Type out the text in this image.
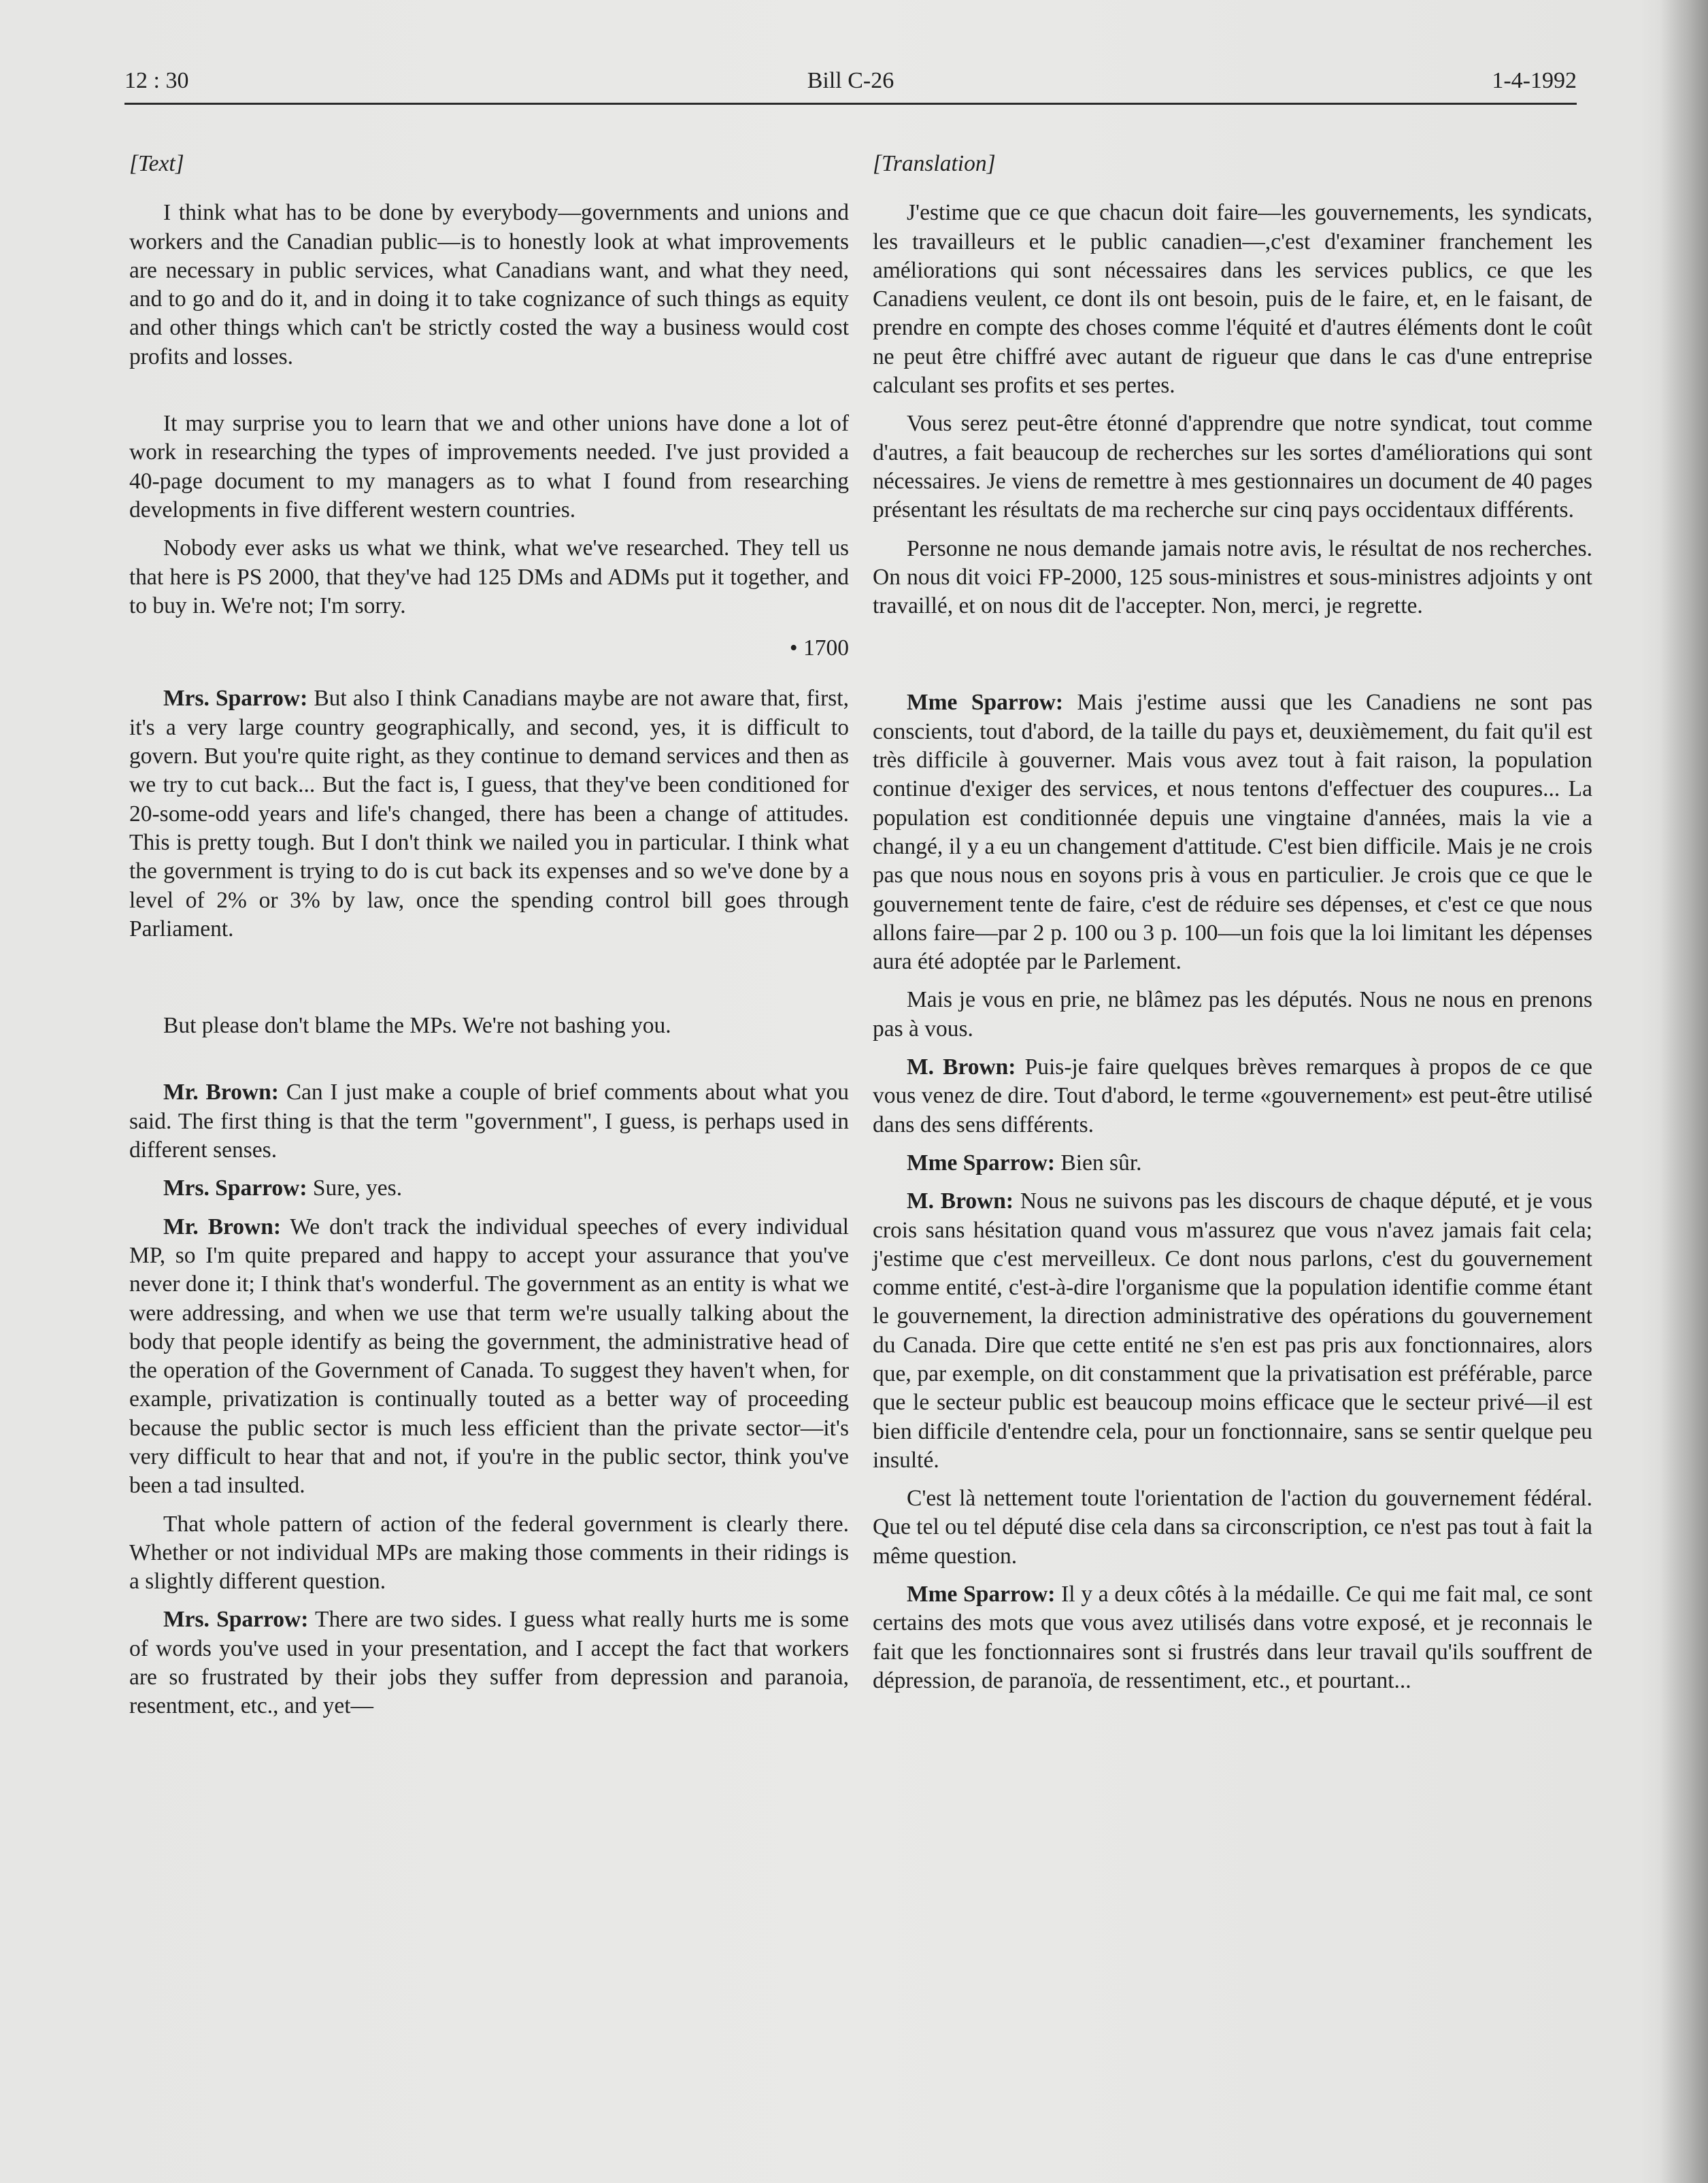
12 : 30	Bill C-26	1-4-1992

[Text]

I think what has to be done by everybody—governments and unions and workers and the Canadian public—is to honestly look at what improvements are necessary in public services, what Canadians want, and what they need, and to go and do it, and in doing it to take cognizance of such things as equity and other things which can't be strictly costed the way a business would cost profits and losses.

It may surprise you to learn that we and other unions have done a lot of work in researching the types of improvements needed. I've just provided a 40-page document to my managers as to what I found from researching developments in five different western countries.

Nobody ever asks us what we think, what we've researched. They tell us that here is PS 2000, that they've had 125 DMs and ADMs put it together, and to buy in. We're not; I'm sorry.

• 1700

Mrs. Sparrow: But also I think Canadians maybe are not aware that, first, it's a very large country geographically, and second, yes, it is difficult to govern. But you're quite right, as they continue to demand services and then as we try to cut back... But the fact is, I guess, that they've been conditioned for 20-some-odd years and life's changed, there has been a change of attitudes. This is pretty tough. But I don't think we nailed you in particular. I think what the government is trying to do is cut back its expenses and so we've done by a level of 2% or 3% by law, once the spending control bill goes through Parliament.

But please don't blame the MPs. We're not bashing you.

Mr. Brown: Can I just make a couple of brief comments about what you said. The first thing is that the term "government", I guess, is perhaps used in different senses.

Mrs. Sparrow: Sure, yes.

Mr. Brown: We don't track the individual speeches of every individual MP, so I'm quite prepared and happy to accept your assurance that you've never done it; I think that's wonderful. The government as an entity is what we were addressing, and when we use that term we're usually talking about the body that people identify as being the government, the administrative head of the operation of the Government of Canada. To suggest they haven't when, for example, privatization is continually touted as a better way of proceeding because the public sector is much less efficient than the private sector—it's very difficult to hear that and not, if you're in the public sector, think you've been a tad insulted.

That whole pattern of action of the federal government is clearly there. Whether or not individual MPs are making those comments in their ridings is a slightly different question.

Mrs. Sparrow: There are two sides. I guess what really hurts me is some of words you've used in your presentation, and I accept the fact that workers are so frustrated by their jobs they suffer from depression and paranoia, resentment, etc., and yet—

[Translation]

J'estime que ce que chacun doit faire—les gouvernements, les syndicats, les travailleurs et le public canadien—,c'est d'examiner franchement les améliorations qui sont nécessaires dans les services publics, ce que les Canadiens veulent, ce dont ils ont besoin, puis de le faire, et, en le faisant, de prendre en compte des choses comme l'équité et d'autres éléments dont le coût ne peut être chiffré avec autant de rigueur que dans le cas d'une entreprise calculant ses profits et ses pertes.

Vous serez peut-être étonné d'apprendre que notre syndicat, tout comme d'autres, a fait beaucoup de recherches sur les sortes d'améliorations qui sont nécessaires. Je viens de remettre à mes gestionnaires un document de 40 pages présentant les résultats de ma recherche sur cinq pays occidentaux différents.

Personne ne nous demande jamais notre avis, le résultat de nos recherches. On nous dit voici FP-2000, 125 sous-ministres et sous-ministres adjoints y ont travaillé, et on nous dit de l'accepter. Non, merci, je regrette.

Mme Sparrow: Mais j'estime aussi que les Canadiens ne sont pas conscients, tout d'abord, de la taille du pays et, deuxièmement, du fait qu'il est très difficile à gouverner. Mais vous avez tout à fait raison, la population continue d'exiger des services, et nous tentons d'effectuer des coupures... La population est conditionnée depuis une vingtaine d'années, mais la vie a changé, il y a eu un changement d'attitude. C'est bien difficile. Mais je ne crois pas que nous nous en soyons pris à vous en particulier. Je crois que ce que le gouvernement tente de faire, c'est de réduire ses dépenses, et c'est ce que nous allons faire—par 2 p. 100 ou 3 p. 100—un fois que la loi limitant les dépenses aura été adoptée par le Parlement.

Mais je vous en prie, ne blâmez pas les députés. Nous ne nous en prenons pas à vous.

M. Brown: Puis-je faire quelques brèves remarques à propos de ce que vous venez de dire. Tout d'abord, le terme «gouvernement» est peut-être utilisé dans des sens différents.

Mme Sparrow: Bien sûr.

M. Brown: Nous ne suivons pas les discours de chaque député, et je vous crois sans hésitation quand vous m'assurez que vous n'avez jamais fait cela; j'estime que c'est merveilleux. Ce dont nous parlons, c'est du gouvernement comme entité, c'est-à-dire l'organisme que la population identifie comme étant le gouvernement, la direction administrative des opérations du gouvernement du Canada. Dire que cette entité ne s'en est pas pris aux fonctionnaires, alors que, par exemple, on dit constamment que la privatisation est préférable, parce que le secteur public est beaucoup moins efficace que le secteur privé—il est bien difficile d'entendre cela, pour un fonctionnaire, sans se sentir quelque peu insulté.

C'est là nettement toute l'orientation de l'action du gouvernement fédéral. Que tel ou tel député dise cela dans sa circonscription, ce n'est pas tout à fait la même question.

Mme Sparrow: Il y a deux côtés à la médaille. Ce qui me fait mal, ce sont certains des mots que vous avez utilisés dans votre exposé, et je reconnais le fait que les fonctionnaires sont si frustrés dans leur travail qu'ils souffrent de dépression, de paranoïa, de ressentiment, etc., et pourtant...
